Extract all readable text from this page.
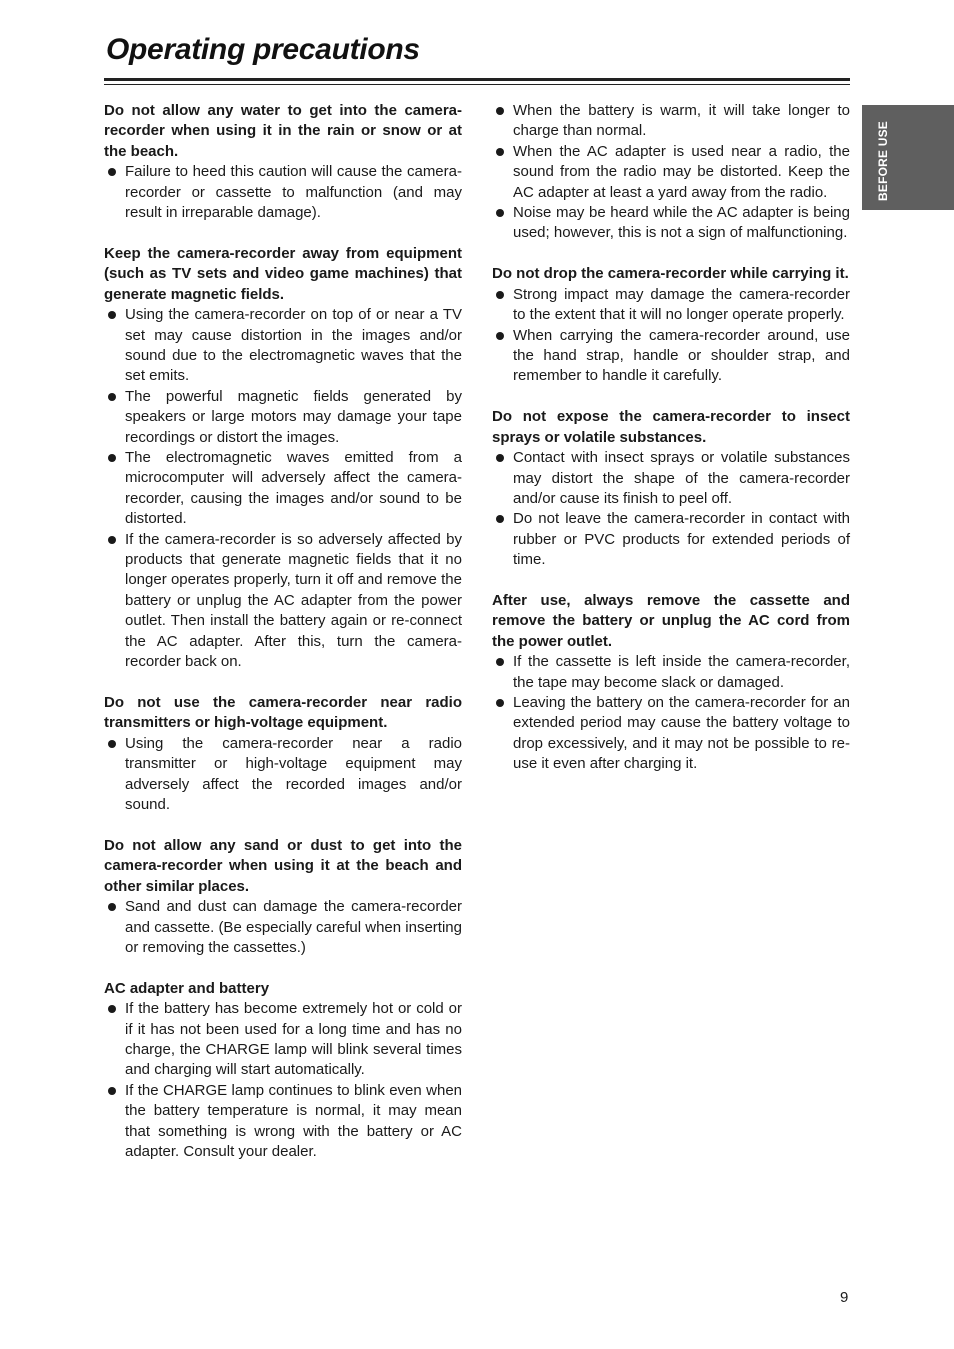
Operating precautions
BEFORE USE

Do not allow any water to get into the camera-recorder when using it in the rain or snow or at the beach.

Failure to heed this caution will cause the camera-recorder or cassette to malfunction (and may result in irreparable damage).

Keep the camera-recorder away from equipment (such as TV sets and video game machines) that generate magnetic fields.

Using the camera-recorder on top of or near a TV set may cause distortion in the images and/or sound due to the electromagnetic waves that the set emits.
The powerful magnetic fields generated by speakers or large motors may damage your tape recordings or distort the images.
The electromagnetic waves emitted from a microcomputer will adversely affect the camera-recorder, causing the images and/or sound to be distorted.
If the camera-recorder is so adversely affected by products that generate magnetic fields that it no longer operates properly, turn it off and remove the battery or unplug the AC adapter from the power outlet. Then install the battery again or re-connect the AC adapter. After this, turn the camera-recorder back on.

Do not use the camera-recorder near radio transmitters or high-voltage equipment.

Using the camera-recorder near a radio transmitter or high-voltage equipment may adversely affect the recorded images and/or sound.

Do not allow any sand or dust to get into the camera-recorder when using it at the beach and other similar places.

Sand and dust can damage the camera-recorder and cassette. (Be especially careful when inserting or removing the cassettes.)

AC adapter and battery

If the battery has become extremely hot or cold or if it has not been used for a long time and has no charge, the CHARGE lamp will blink several times and charging will start automatically.
If the CHARGE lamp continues to blink even when the battery temperature is normal, it may mean that something is wrong with the battery or AC adapter. Consult your dealer.
When the battery is warm, it will take longer to charge than normal.
When the AC adapter is used near a radio, the sound from the radio may be distorted. Keep the AC adapter at least a yard away from the radio.
Noise may be heard while the AC adapter is being used; however, this is not a sign of malfunctioning.

Do not drop the camera-recorder while carrying it.

Strong impact may damage the camera-recorder to the extent that it will no longer operate properly.
When carrying the camera-recorder around, use the hand strap, handle or shoulder strap, and remember to handle it carefully.

Do not expose the camera-recorder to insect sprays or volatile substances.

Contact with insect sprays or volatile substances may distort the shape of the camera-recorder and/or cause its finish to peel off.
Do not leave the camera-recorder in contact with rubber or PVC products for extended periods of time.

After use, always remove the cassette and remove the battery or unplug the AC cord from the power outlet.

If the cassette is left inside the camera-recorder, the tape may become slack or damaged.
Leaving the battery on the camera-recorder for an extended period may cause the battery voltage to drop excessively, and it may not be possible to re-use it even after charging it.
9
